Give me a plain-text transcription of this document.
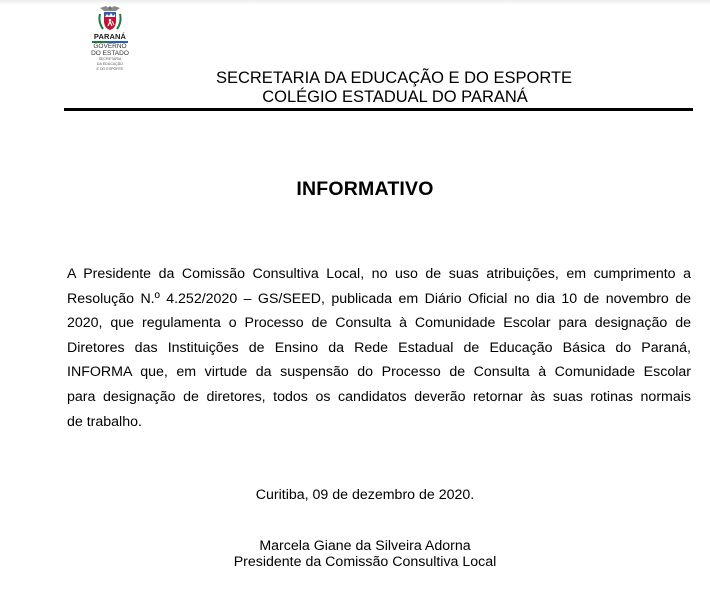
PARANÁ
GOVERNO
DO ESTADO
SECRETARIA
DA EDUCAÇÃO
E DO ESPORTE
SECRETARIA DA EDUCAÇÃO E DO ESPORTE
COLÉGIO ESTADUAL DO PARANÁ
INFORMATIVO
A Presidente da Comissão Consultiva Local, no uso de suas atribuições, em cumprimento a
Resolução N.º 4.252/2020 – GS/SEED, publicada em Diário Oficial no dia 10 de novembro de
2020, que regulamenta o Processo de Consulta à Comunidade Escolar para designação de
Diretores das Instituições de Ensino da Rede Estadual de Educação Básica do Paraná,
INFORMA que, em virtude da suspensão do Processo de Consulta à Comunidade Escolar
para designação de diretores, todos os candidatos deverão retornar às suas rotinas normais
de trabalho.
Curitiba, 09 de dezembro de 2020.
Marcela Giane da Silveira Adorna
Presidente da Comissão Consultiva Local
